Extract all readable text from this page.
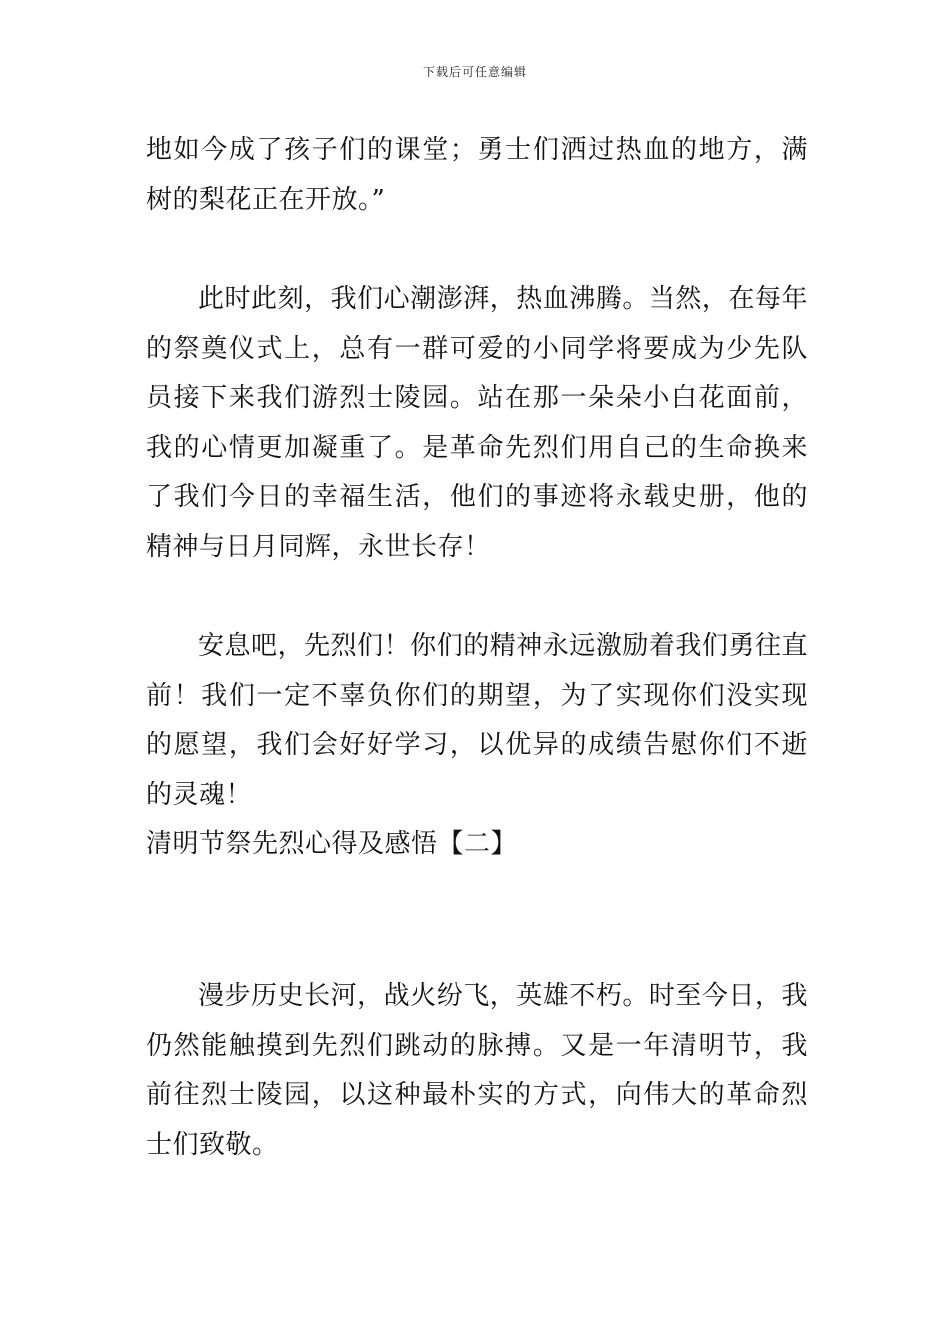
下载后可任意编辑

地如今成了孩子们的课堂；勇士们洒过热血的地方，满树的梨花正在开放。”

此时此刻，我们心潮澎湃，热血沸腾。当然，在每年的祭奠仪式上，总有一群可爱的小同学将要成为少先队员接下来我们游烈士陵园。站在那一朵朵小白花面前，我的心情更加凝重了。是革命先烈们用自己的生命换来了我们今日的幸福生活，他们的事迹将永载史册，他的精神与日月同辉，永世长存！

安息吧，先烈们！你们的精神永远激励着我们勇往直前！我们一定不辜负你们的期望，为了实现你们没实现的愿望，我们会好好学习，以优异的成绩告慰你们不逝的灵魂！

清明节祭先烈心得及感悟【二】

漫步历史长河，战火纷飞，英雄不朽。时至今日，我仍然能触摸到先烈们跳动的脉搏。又是一年清明节，我前往烈士陵园，以这种最朴实的方式，向伟大的革命烈士们致敬。
